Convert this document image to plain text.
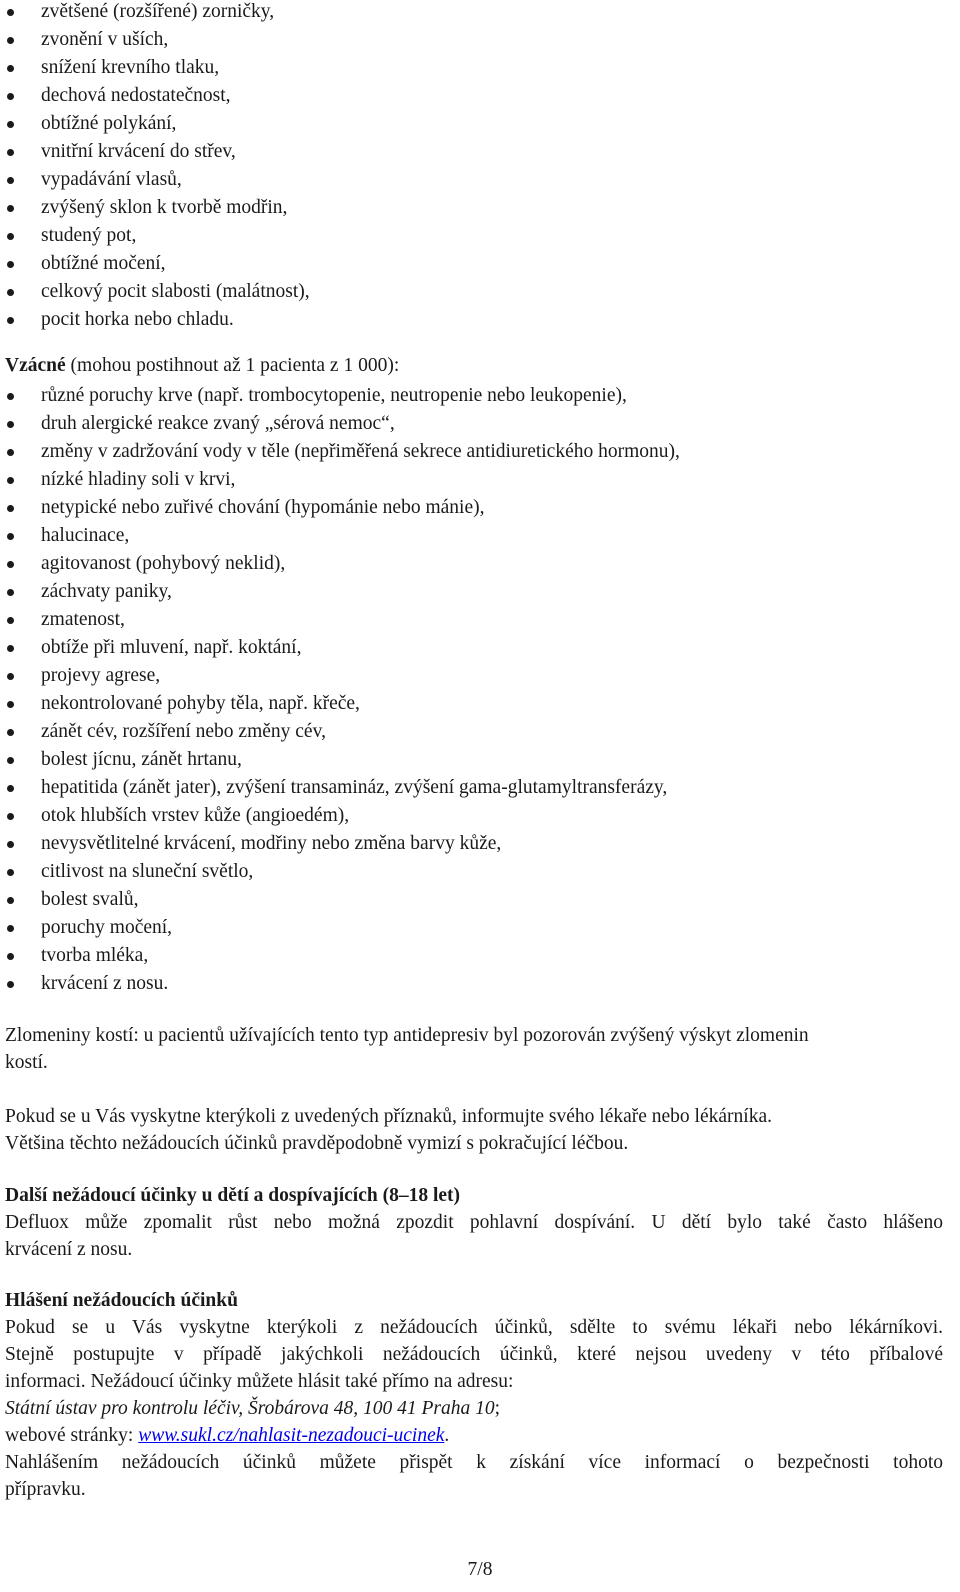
zvětšené (rozšířené) zorničky,
zvonění v uších,
snížení krevního tlaku,
dechová nedostatečnost,
obtížné polykání,
vnitřní krvácení do střev,
vypadávání vlasů,
zvýšený sklon k tvorbě modřin,
studený pot,
obtížné močení,
celkový pocit slabosti (malátnost),
pocit horka nebo chladu.
Vzácné (mohou postihnout až 1 pacienta z 1 000):
různé poruchy krve (např. trombocytopenie, neutropenie nebo leukopenie),
druh alergické reakce zvaný „sérová nemoc“,
změny v zadržování vody v těle (nepřiměřená sekrece antidiuretického hormonu),
nízké hladiny soli v krvi,
netypické nebo zuřivé chování (hypománie nebo mánie),
halucinace,
agitovanost (pohybový neklid),
záchvaty paniky,
zmatenost,
obtíže při mluvení, např. koktání,
projevy agrese,
nekontrolované pohyby těla, např. křeče,
zánět cév, rozšíření nebo změny cév,
bolest jícnu, zánět hrtanu,
hepatitida (zánět jater), zvýšení transamináz, zvýšení gama-glutamyltransferázy,
otok hlubších vrstev kůže (angioedém),
nevysvětlitelné krvácení, modřiny nebo změna barvy kůže,
citlivost na sluneční světlo,
bolest svalů,
poruchy močení,
tvorba mléka,
krvácení z nosu.

Zlomeniny kostí: u pacientů užívajících tento typ antidepresiv byl pozorován zvýšený výskyt zlomenin
kostí.

Pokud se u Vás vyskytne kterýkoli z uvedených příznaků, informujte svého lékaře nebo lékárníka.
Většina těchto nežádoucích účinků pravděpodobně vymizí s pokračující léčbou.

Další nežádoucí účinky u dětí a dospívajících (8–18 let)
Defluox může zpomalit růst nebo možná zpozdit pohlavní dospívání. U dětí bylo také často hlášeno
krvácení z nosu.

Hlášení nežádoucích účinků
Pokud se u Vás vyskytne kterýkoli z nežádoucích účinků, sdělte to svému lékaři nebo lékárníkovi.
Stejně postupujte v případě jakýchkoli nežádoucích účinků, které nejsou uvedeny v této příbalové
informaci. Nežádoucí účinky můžete hlásit také přímo na adresu:
Státní ústav pro kontrolu léčiv, Šrobárova 48, 100 41 Praha 10;
webové stránky: www.sukl.cz/nahlasit-nezadouci-ucinek.
Nahlášením nežádoucích účinků můžete přispět k získání více informací o bezpečnosti tohoto
přípravku.

7/8
